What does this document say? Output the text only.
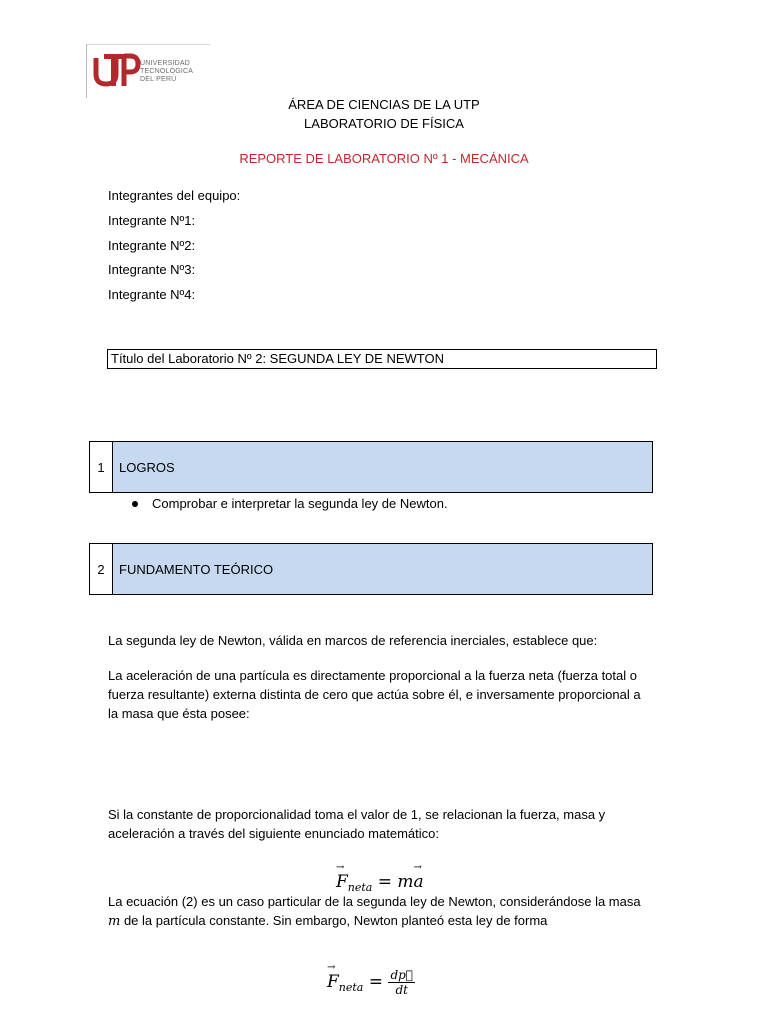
UNIVERSIDAD
TECNOLÓGICA
DEL PERÚ
ÁREA DE CIENCIAS DE LA UTP
LABORATORIO DE FÍSICA
REPORTE DE LABORATORIO Nº 1 - MECÁNICA
Integrantes del equipo:
Integrante Nº1:
Integrante Nº2:
Integrante Nº3:
Integrante Nº4:
Título del Laboratorio Nº 2: SEGUNDA LEY DE NEWTON
1	LOGROS
Comprobar e interpretar la segunda ley de Newton.
2	FUNDAMENTO TEÓRICO
La segunda ley de Newton, válida en marcos de referencia inerciales, establece que:
La aceleración de una partícula es directamente proporcional a la fuerza neta (fuerza total o fuerza resultante) externa distinta de cero que actúa sobre él, e inversamente proporcional a la masa que ésta posee:
Si la constante de proporcionalidad toma el valor de 1, se relacionan la fuerza, masa y aceleración a través del siguiente enunciado matemático:
→ $F_{neta} = m\to a$
La ecuación (2) es un caso particular de la segunda ley de Newton, considerándose la masa m de la partícula constante. Sin embargo, Newton planteó esta ley de forma
→ $F_{neta} = \frac{dp⃗}{dt}$
